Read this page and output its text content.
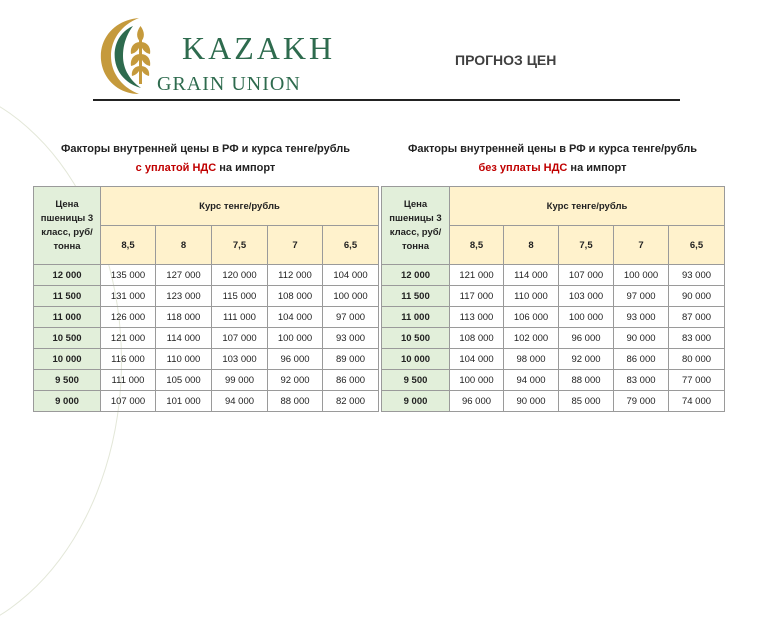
KAZAKH
GRAIN UNION
ПРОГНОЗ ЦЕН
Факторы внутренней цены в РФ и курса тенге/рубль
с уплатой НДС на импорт
Факторы внутренней цены в РФ и курса тенге/рубль
без уплаты НДС на импорт
Цена пшеницы 3 класс, руб/тонна	Курс тенге/рубль				
	8,5	8	7,5	7	6,5
12 000	135 000	127 000	120 000	112 000	104 000
11 500	131 000	123 000	115 000	108 000	100 000
11 000	126 000	118 000	111 000	104 000	97 000
10 500	121 000	114 000	107 000	100 000	93 000
10 000	116 000	110 000	103 000	96 000	89 000
9 500	111 000	105 000	99 000	92 000	86 000
9 000	107 000	101 000	94 000	88 000	82 000
Цена пшеницы 3 класс, руб/тонна	Курс тенге/рубль				
	8,5	8	7,5	7	6,5
12 000	121 000	114 000	107 000	100 000	93 000
11 500	117 000	110 000	103 000	97 000	90 000
11 000	113 000	106 000	100 000	93 000	87 000
10 500	108 000	102 000	96 000	90 000	83 000
10 000	104 000	98 000	92 000	86 000	80 000
9 500	100 000	94 000	88 000	83 000	77 000
9 000	96 000	90 000	85 000	79 000	74 000
